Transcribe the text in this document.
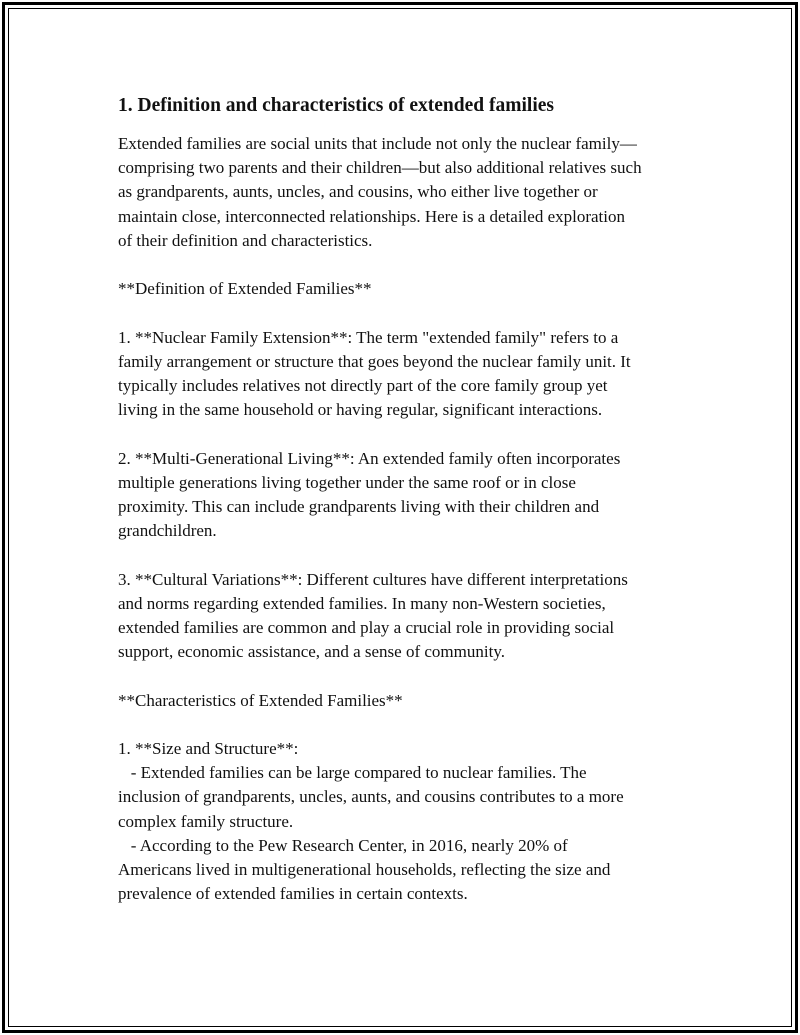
1. Definition and characteristics of extended families
Extended families are social units that include not only the nuclear family—
comprising two parents and their children—but also additional relatives such
as grandparents, aunts, uncles, and cousins, who either live together or
maintain close, interconnected relationships. Here is a detailed exploration
of their definition and characteristics.
**Definition of Extended Families**
1. **Nuclear Family Extension**: The term "extended family" refers to a
family arrangement or structure that goes beyond the nuclear family unit. It
typically includes relatives not directly part of the core family group yet
living in the same household or having regular, significant interactions.
2. **Multi-Generational Living**: An extended family often incorporates
multiple generations living together under the same roof or in close
proximity. This can include grandparents living with their children and
grandchildren.
3. **Cultural Variations**: Different cultures have different interpretations
and norms regarding extended families. In many non-Western societies,
extended families are common and play a crucial role in providing social
support, economic assistance, and a sense of community.
**Characteristics of Extended Families**
1. **Size and Structure**:
- Extended families can be large compared to nuclear families. The
inclusion of grandparents, uncles, aunts, and cousins contributes to a more
complex family structure.
- According to the Pew Research Center, in 2016, nearly 20% of
Americans lived in multigenerational households, reflecting the size and
prevalence of extended families in certain contexts.
